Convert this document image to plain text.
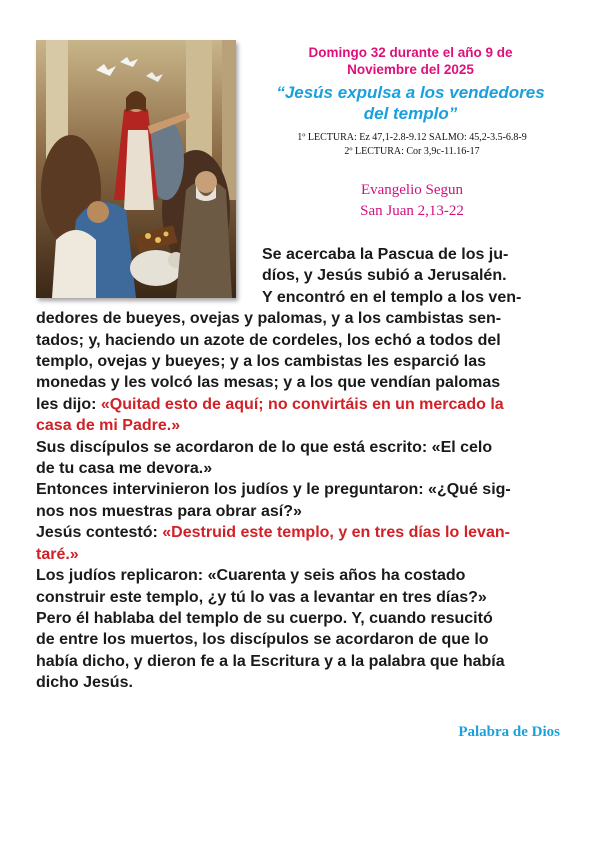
Domingo 32 durante el año 9 de
Noviembre del 2025
“Jesús expulsa a los vendedores
del templo”
1º LECTURA: Ez 47,1-2.8-9.12 SALMO: 45,2-3.5-6.8-9
2º LECTURA: Cor 3,9c-11.16-17
Evangelio Segun
San Juan 2,13-22
Se acercaba la Pascua de los ju-
díos, y Jesús subió a Jerusalén.
Y encontró en el templo a los ven-
dedores de bueyes, ovejas y palomas, y a los cambistas sen-
tados; y, haciendo un azote de cordeles, los echó a todos del
templo, ovejas y bueyes; y a los cambistas les esparció las
monedas y les volcó las mesas; y a los que vendían palomas
les dijo: «Quitad esto de aquí; no convirtáis en un mercado la
casa de mi Padre.»
Sus discípulos se acordaron de lo que está escrito: «El celo
de tu casa me devora.»
Entonces intervinieron los judíos y le preguntaron: «¿Qué sig-
nos nos muestras para obrar así?»
Jesús contestó: «Destruid este templo, y en tres días lo levan-
taré.»
Los judíos replicaron: «Cuarenta y seis años ha costado
construir este templo, ¿y tú lo vas a levantar en tres días?»
Pero él hablaba del templo de su cuerpo. Y, cuando resucitó
de entre los muertos, los discípulos se acordaron de que lo
había dicho, y dieron fe a la Escritura y a la palabra que había
dicho Jesús.
Palabra de Dios
